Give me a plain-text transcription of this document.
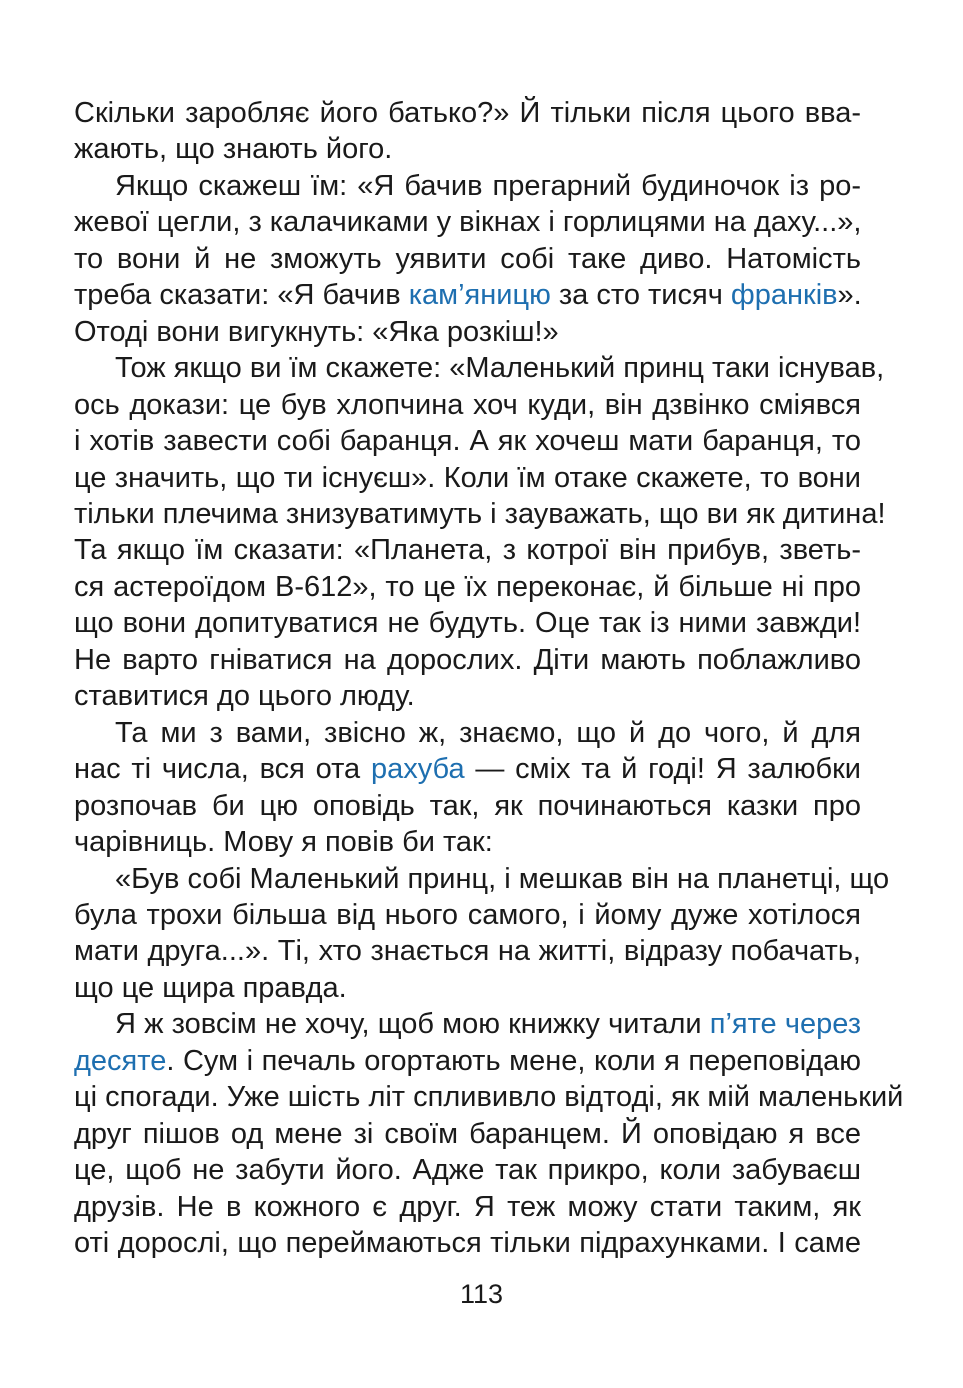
Скільки заробляє його батько?» Й тільки після цього вва-
жають, що знають його.
Якщо скажеш їм: «Я бачив прегарний будиночок із ро-
жевої цегли, з калачиками у вікнах і горлицями на даху...»,
то вони й не зможуть уявити собі таке диво. Натомість
треба сказати: «Я бачив кам’яницю за сто тисяч франків».
Отоді вони вигукнуть: «Яка розкіш!»
Тож якщо ви їм скажете: «Маленький принц таки існував,
ось докази: це був хлопчина хоч куди, він дзвінко сміявся
і хотів завести собі баранця. А як хочеш мати баранця, то
це значить, що ти існуєш». Коли їм отаке скажете, то вони
тільки плечима знизуватимуть і зауважать, що ви як дитина!
Та якщо їм сказати: «Планета, з котрої він прибув, зветь-
ся астероїдом В-612», то це їх переконає, й більше ні про
що вони допитуватися не будуть. Оце так із ними завжди!
Не варто гніватися на дорослих. Діти мають поблажливо
ставитися до цього люду.
Та ми з вами, звісно ж, знаємо, що й до чого, й для
нас ті числа, вся ота рахуба — сміх та й годі! Я залюбки
розпочав би цю оповідь так, як починаються казки про
чарівниць. Мову я повів би так:
«Був собі Маленький принц, і мешкав він на планетці, що
була трохи більша від нього самого, і йому дуже хотілося
мати друга...». Ті, хто знається на житті, відразу побачать,
що це щира правда.
Я ж зовсім не хочу, щоб мою книжку читали п’яте через
десяте. Сум і печаль огортають мене, коли я переповідаю
ці спогади. Уже шість літ сплививло відтоді, як мій маленький
друг пішов од мене зі своїм баранцем. Й оповідаю я все
це, щоб не забути його. Адже так прикро, коли забуваєш
друзів. Не в кожного є друг. Я теж можу стати таким, як
оті дорослі, що переймаються тільки підрахунками. І саме
113
